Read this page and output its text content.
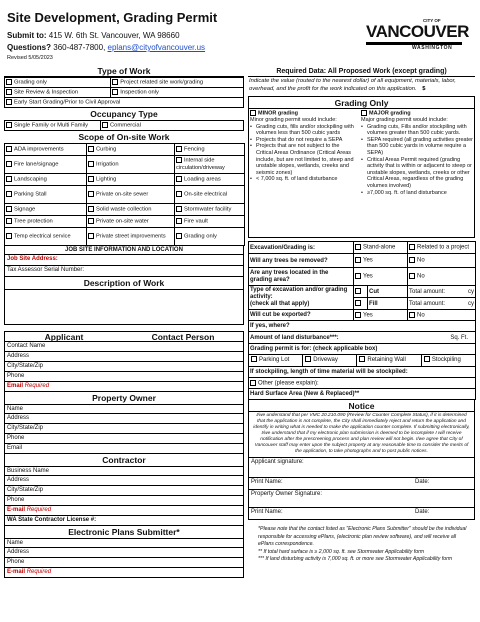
Site Development, Grading Permit
Submit to: 415 W. 6th St. Vancouver, WA 98660
Questions? 360-487-7800, eplans@cityofvancouver.us
Revised 5/05/2023
CITY OF
VANCOUVER
WASHINGTON
Type of Work
Grading only	Project related site work/grading
Site Review & Inspection	Inspection only
Early Start Grading/Prior to Civil Approval	
Occupancy Type
Single Family or Multi Family	Commercial
Scope of On-site Work
ADA improvements	Curbing	Fencing
Fire lane/signage	Irrigation	Internal side circulation/driveway
Landscaping	Lighting	Loading areas
Parking Stall	Private on-site sewer	On-site electrical
Signage	Solid waste collection	Stormwater facility
Tree protection	Private on-site water	Fire vault
Temp electrical service	Private street improvements	Grading only
JOB SITE INFORMATION AND LOCATION
Job Site Address:
Tax Assessor Serial Number:
Description of Work
Applicant	Contact Person
Contact Name
Address
City/State/Zip
Phone
Email Required
Property Owner
Name
Address
City/State/Zip
Phone
Email
Contractor
Business Name
Address
City/State/Zip
Phone
E-mail Required
WA State Contractor License #:
Electronic Plans Submitter*
Name
Address
Phone
E-mail Required
Required Data: All Proposed Work (except grading)
Indicate the value (routed to the nearest dollar) of all equipment, materials, labor, overhead, and the profit for the work indicated on this application. $
Grading Only
MINOR grading
Minor grading permit would include:
• Grading cuts, fills and/or stockpiling with volumes less than 500 cubic yards
• Projects that do not require a SEPA
• Projects that are not subject to the Critical Areas Ordinance (Critical Areas include, but are not limited to, steep and unstable slopes, wetlands, creeks and seismic zones)
• < 7,000 sq. ft. of land disturbance
MAJOR grading
Major grading permit would include:
• Grading cuts, Fills and/or stockpiling with volumes greater than 500 cubic yards.
• SEPA required (all grading activities greater than 500 cubic yards in volume require a SEPA)
• Critical Areas Permit required (grading activity that is within or adjacent to steep or unstable slopes, wetlands, creeks or other Critical Areas, regardless of the grading volumes involved)
• ≥7,000 sq. ft. of land disturbance
Excavation/Grading is:	Stand-alone		Related to a project
Will any trees be removed?	Yes		No
Are any trees located in the grading area?	Yes		No
Type of excavation and/or grading activity:
(check all that apply)		Cut	Total amount: cy

		Fill	Total amount: cy

Will cut be exported?	Yes		No
If yes, where?			
Amount of land disturbance***: Sq. Ft.			

Grading permit is for: (check applicable box)			

Parking Lot Driveway Retaining Wall Stockpiling			

If stockpiling, length of time material will be stockpiled:			
Other (please explain):			
Hard Surface Area (New & Replaced)**			
Notice
I/we understand that per VMC 20.210.090 (Review for Counter Complete Status), if it is determined that the application is not complete, the City shall immediately reject and return the application and identify in writing what is needed to make the application counter complete. If submitting electronically, I/we understand that if my electronic plan submission is deemed to be incomplete I will receive notification after the prescreening process and plan review will not begin. I/we agree that City of Vancouver staff may enter upon the subject property at any reasonable time to consider the merits of the application, to take photographs and to post public notices.
Applicant signature:
Print Name:	Date:
Property Owner Signature:
Print Name:	Date:
*Please note that the contact listed as "Electronic Plans Submitter" should be the individual responsible for accessing ePlans, (electronic plan review software), and will receive all ePlans correspondence.
** If total hard surface is ≥ 2,000 sq. ft. see Stormwater Applicability form
*** If land disturbing activity is 7,000 sq. ft. or more see Stormwater Applicability form
